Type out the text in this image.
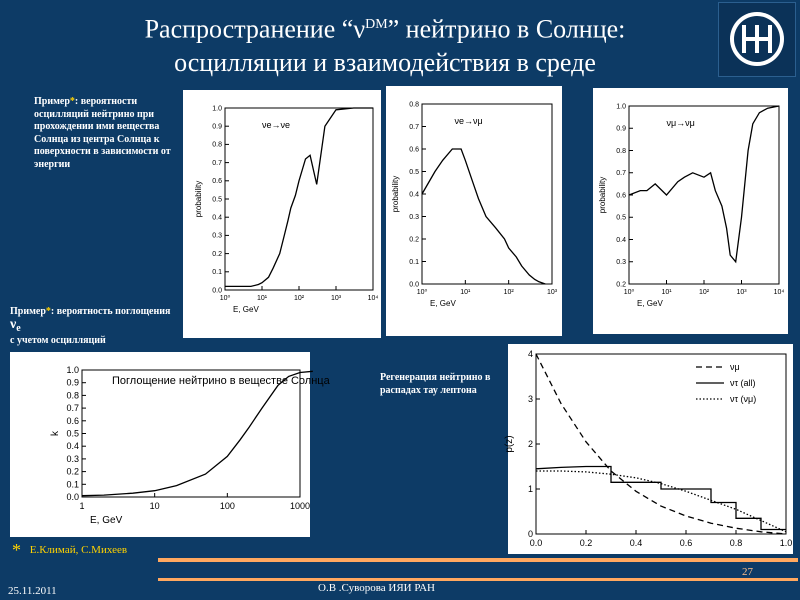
Распространение “$\nu^{DM}$” нейтрино в Солнце:
осцилляции и взаимодействия в среде
Пример*: вероятности осцилляций нейтрино при прохождении ими вещества Солнца из центра Солнца к поверхности в зависимости от энергии
10⁰	10¹	10²	10³	10⁴
0.0
0.1
0.2
0.3
0.4
0.5
0.6
0.7
0.8
0.9
1.0
E, GeV
probability
νe→νe
10⁰	10¹	10²	10³
0.0
0.1
0.2
0.3
0.4
0.5
0.6
0.7
0.8
E, GeV
probability
νe→νμ
10⁰	10¹	10²	10³	10⁴
0.2
0.3
0.4
0.5
0.6
0.7
0.8
0.9
1.0
E, GeV
probability
νμ→νμ
Пример*: вероятность поглощения $\nu_e$
с учетом осцилляций
1	10	100	1000
0.0
0.1
0.2
0.3
0.4
0.5
0.6
0.7
0.8
0.9
1.0
E, GeV
k
Поглощение нейтрино в веществе Солнца	Регенерация нейтрино в распадах тау лептона
0.0	0.2	0.4	0.6	0.8	1.0
0
1
2
3
4
p(z)
νμ
ντ (all)
ντ (νμ)
* Е.Климай, С.Михеев
25.11.2011	О.В .Суворова ИЯИ РАН
27
